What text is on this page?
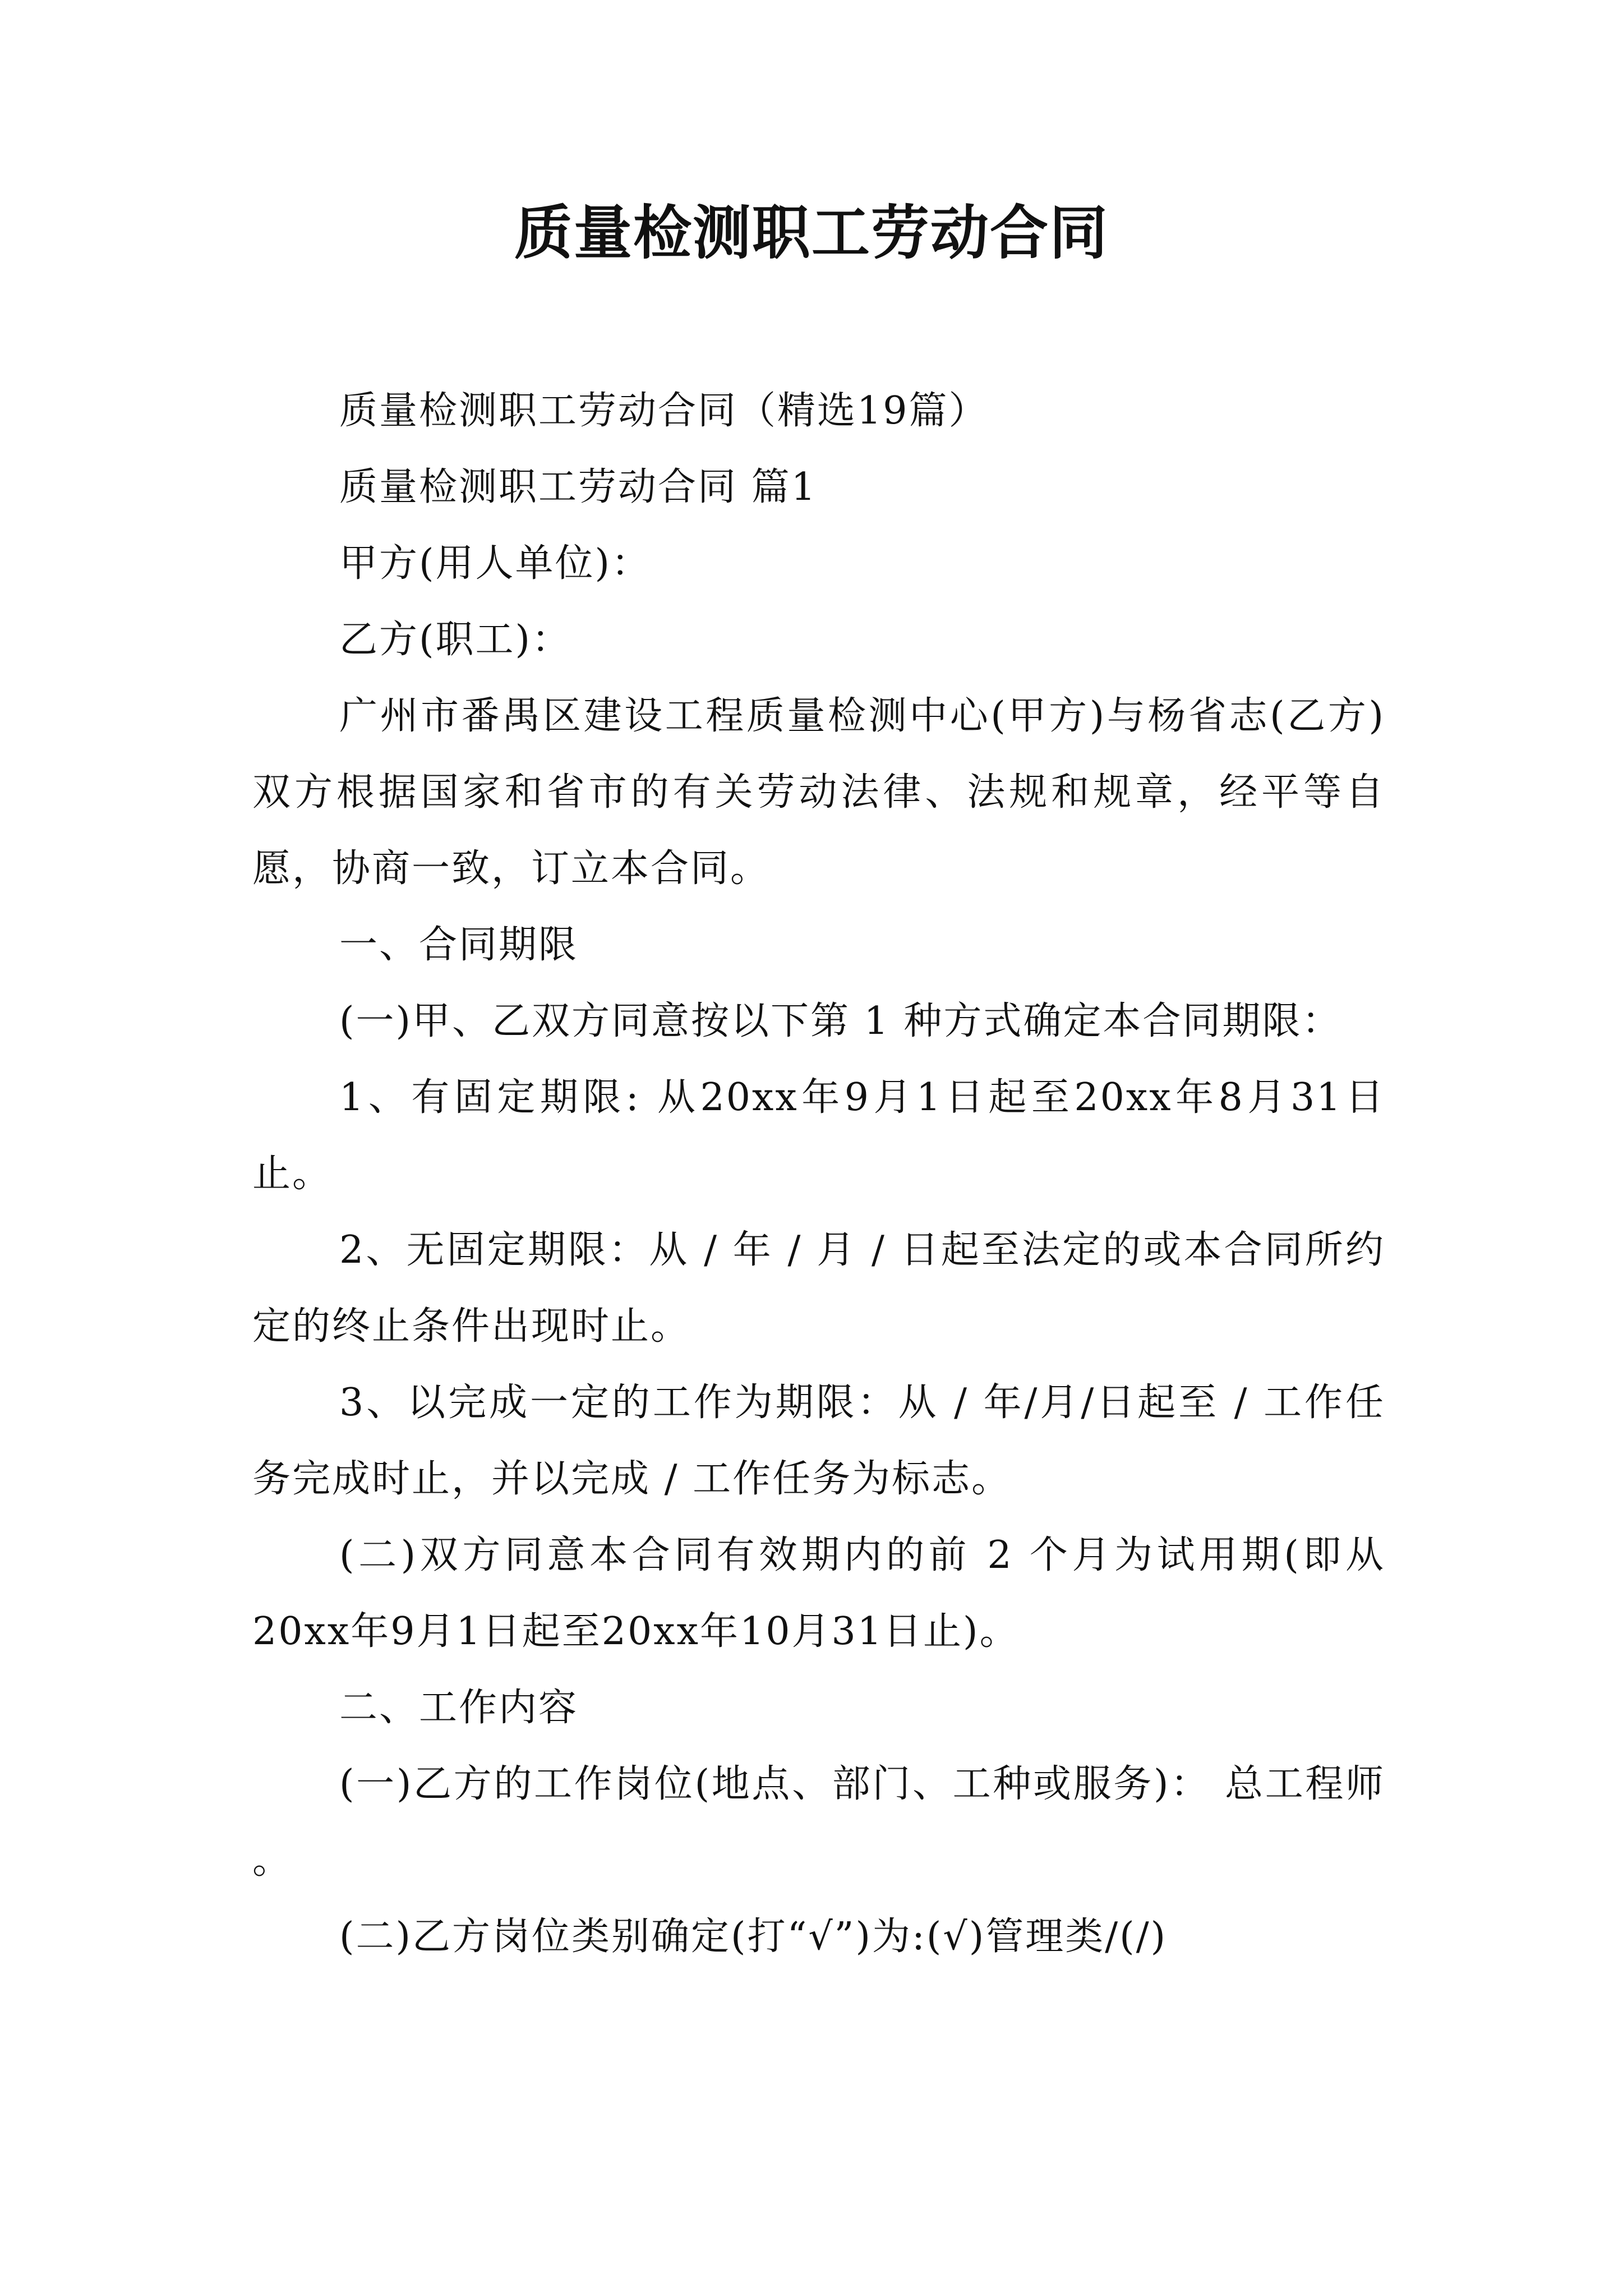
质量检测职工劳动合同

质量检测职工劳动合同（精选19篇）

质量检测职工劳动合同 篇1

甲方(用人单位)：

乙方(职工)：

广州市番禺区建设工程质量检测中心(甲方)与杨省志(乙方)双方根据国家和省市的有关劳动法律、法规和规章，经平等自愿，协商一致，订立本合同。

一、合同期限

(一)甲、乙双方同意按以下第 1 种方式确定本合同期限：

1、有固定期限: 从20xx年9月1日起至20xx年8月31日止。

2、无固定期限：从 / 年 / 月 / 日起至法定的或本合同所约定的终止条件出现时止。

3、以完成一定的工作为期限：从 / 年/月/日起至 / 工作任务完成时止，并以完成 / 工作任务为标志。

(二)双方同意本合同有效期内的前 2 个月为试用期(即从20xx年9月1日起至20xx年10月31日止)。

二、工作内容

(一)乙方的工作岗位(地点、部门、工种或服务)： 总工程师 。

(二)乙方岗位类别确定(打“√”)为:(√)管理类/(/)
